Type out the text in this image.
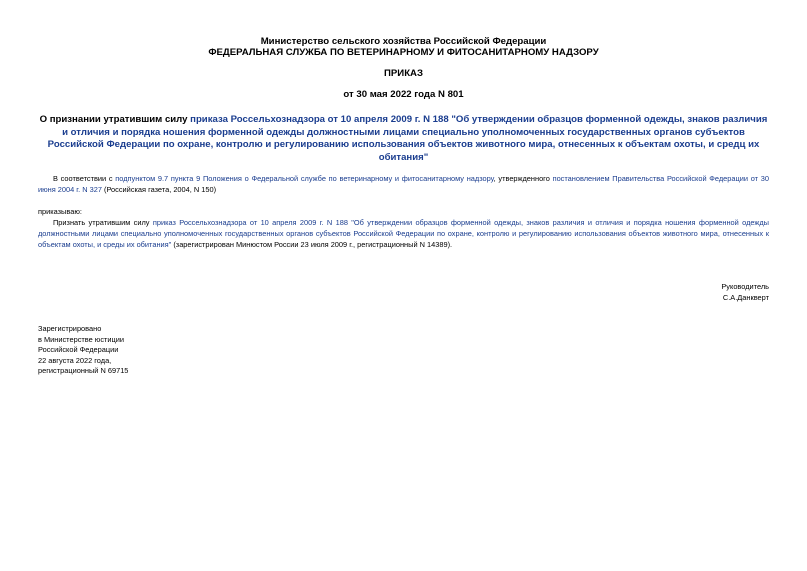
Министерство сельского хозяйства Российской Федерации
ФЕДЕРАЛЬНАЯ СЛУЖБА ПО ВЕТЕРИНАРНОМУ И ФИТОСАНИТАРНОМУ НАДЗОРУ
ПРИКАЗ
от 30 мая 2022 года N 801
О признании утратившим силу приказа Россельхознадзора от 10 апреля 2009 г. N 188 "Об утверждении образцов форменной одежды, знаков различия и отличия и порядка ношения форменной одежды должностными лицами специально уполномоченных государственных органов субъектов Российской Федерации по охране, контролю и регулированию использования объектов животного мира, отнесенных к объектам охоты, и средц их обитания"
В соответствии с подпунктом 9.7 пункта 9 Положения о Федеральной службе по ветеринарному и фитосанитарному надзору, утвержденного постановлением Правительства Российской Федерации от 30 июня 2004 г. N 327 (Российская газета, 2004, N 150)
приказываю:
Признать утратившим силу приказ Россельхознадзора от 10 апреля 2009 г. N 188 "Об утверждении образцов форменной одежды, знаков различия и отличия и порядка ношения форменной одежды должностными лицами специально уполномоченных государственных органов субъектов Российской Федерации по охране, контролю и регулированию использования объектов животного мира, отнесенных к объектам охоты, и среды их обитания" (зарегистрирован Минюстом России 23 июля 2009 г., регистрационный N 14389).
Руководитель
С.А.Данкверт
Зарегистрировано
в Министерстве юстиции
Российской Федерации
22 августа 2022 года,
регистрационный N 69715
